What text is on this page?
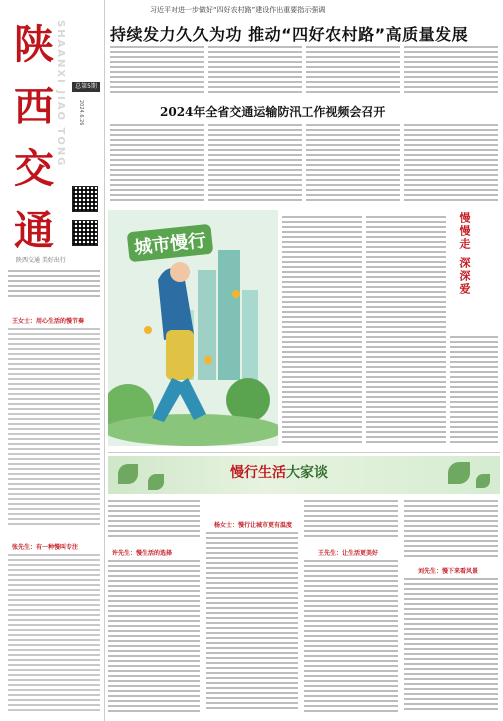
陕
西
交
通
SHAANXI JIAO TONG	总第5期
2024.6.26
陕西交通 美好出行
习近平对进一步做好“四好农村路”建设作出重要指示强调
持续发力久久为功 推动“四好农村路”高质量发展
2024年全省交通运输防汛工作视频会召开
王女士：用心生活的慢节奏
张先生：有一种慢叫专注
城市慢行	慢慢走 深深爱
慢行生活大家谈
许先生：慢生活的选择
杨女士：慢行让城市更有温度
王先生：让生活更美好
刘先生：慢下来看风景
